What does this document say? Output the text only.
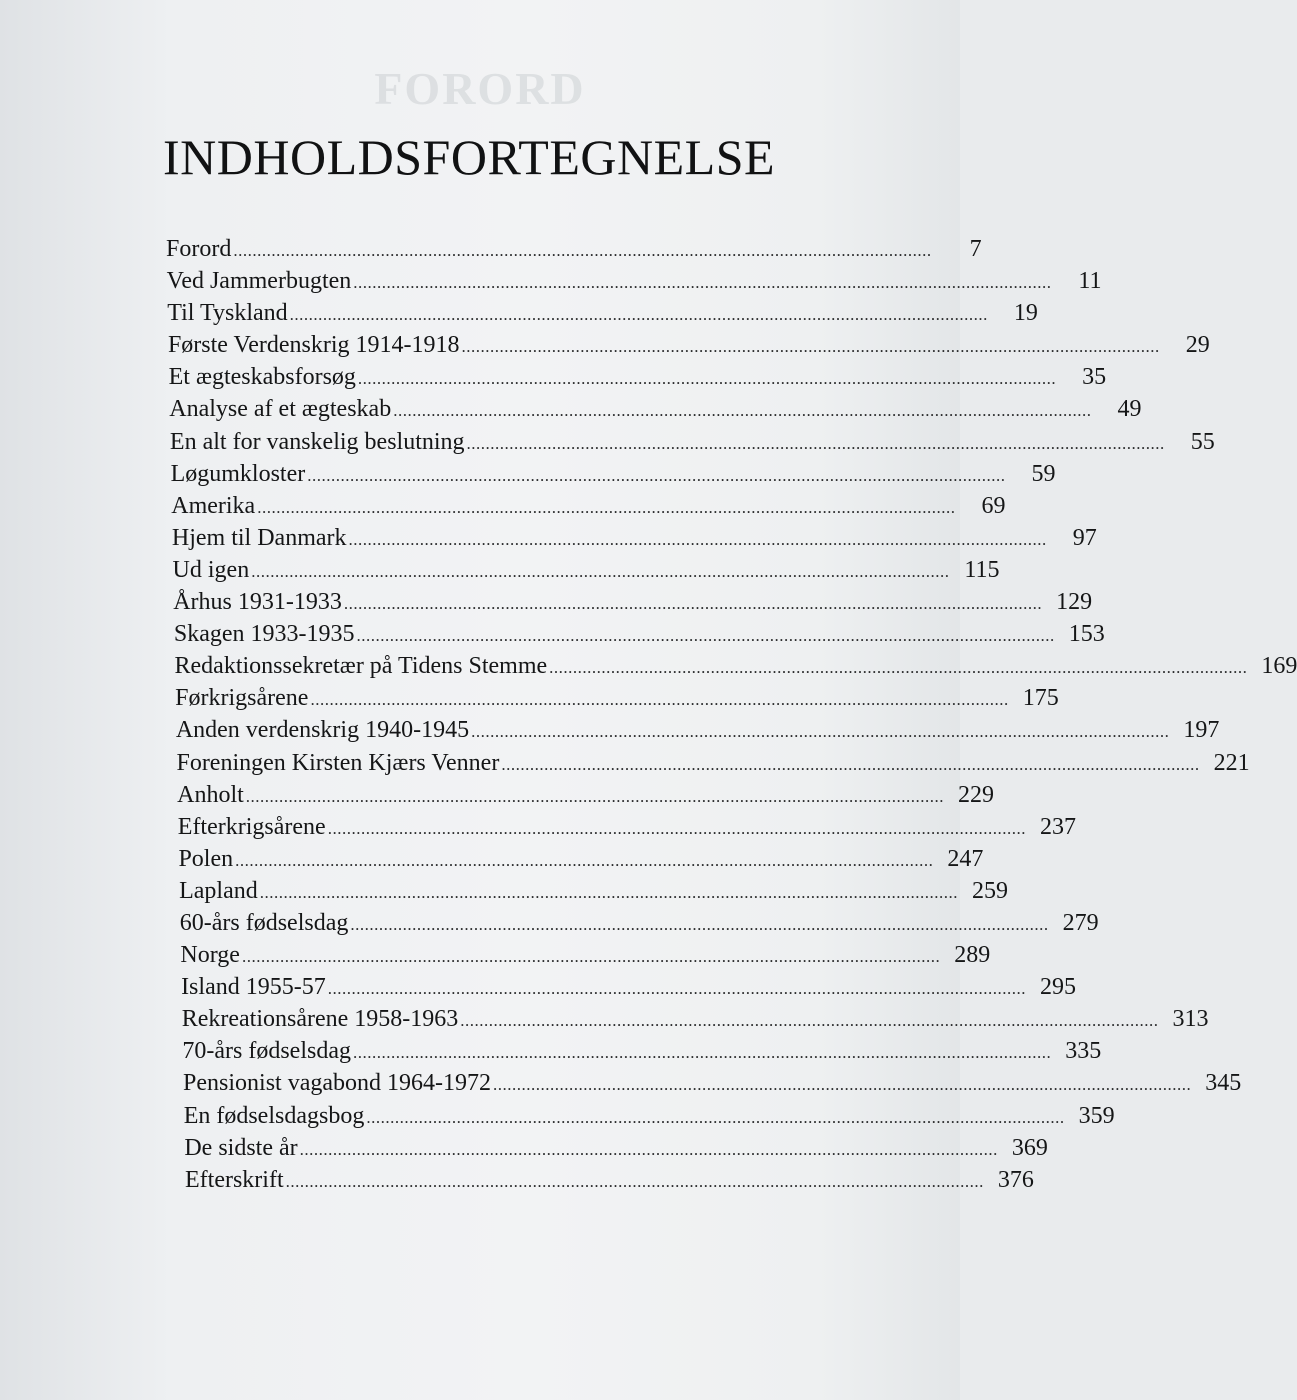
FORORD
INDHOLDSFORTEGNELSE
Forord ...................................................................................................................................................	7
Ved Jammerbugten ...................................................................................................................................................	11
Til Tyskland ...................................................................................................................................................	19
Første Verdenskrig 1914-1918 ...................................................................................................................................................	29
Et ægteskabsforsøg ...................................................................................................................................................	35
Analyse af et ægteskab ...................................................................................................................................................	49
En alt for vanskelig beslutning ...................................................................................................................................................	55
Løgumkloster ...................................................................................................................................................	59
Amerika ...................................................................................................................................................	69
Hjem til Danmark ...................................................................................................................................................	97
Ud igen ................................................................................................................................................... 115
Århus 1931-1933 ................................................................................................................................................... 129
Skagen 1933-1935 ................................................................................................................................................... 153
Redaktionssekretær på Tidens Stemme ................................................................................................................................................... 169
Førkrigsårene ................................................................................................................................................... 175
Anden verdenskrig 1940-1945 ................................................................................................................................................... 197
Foreningen Kirsten Kjærs Venner ................................................................................................................................................... 221
Anholt ................................................................................................................................................... 229
Efterkrigsårene ................................................................................................................................................... 237
Polen ................................................................................................................................................... 247
Lapland ................................................................................................................................................... 259
60-års fødselsdag ................................................................................................................................................... 279
Norge ................................................................................................................................................... 289
Island 1955-57 ................................................................................................................................................... 295
Rekreationsårene 1958-1963 ................................................................................................................................................... 313
70-års fødselsdag ................................................................................................................................................... 335
Pensionist vagabond 1964-1972 ................................................................................................................................................... 345
En fødselsdagsbog ................................................................................................................................................... 359
De sidste år ................................................................................................................................................... 369
Efterskrift ................................................................................................................................................... 376
